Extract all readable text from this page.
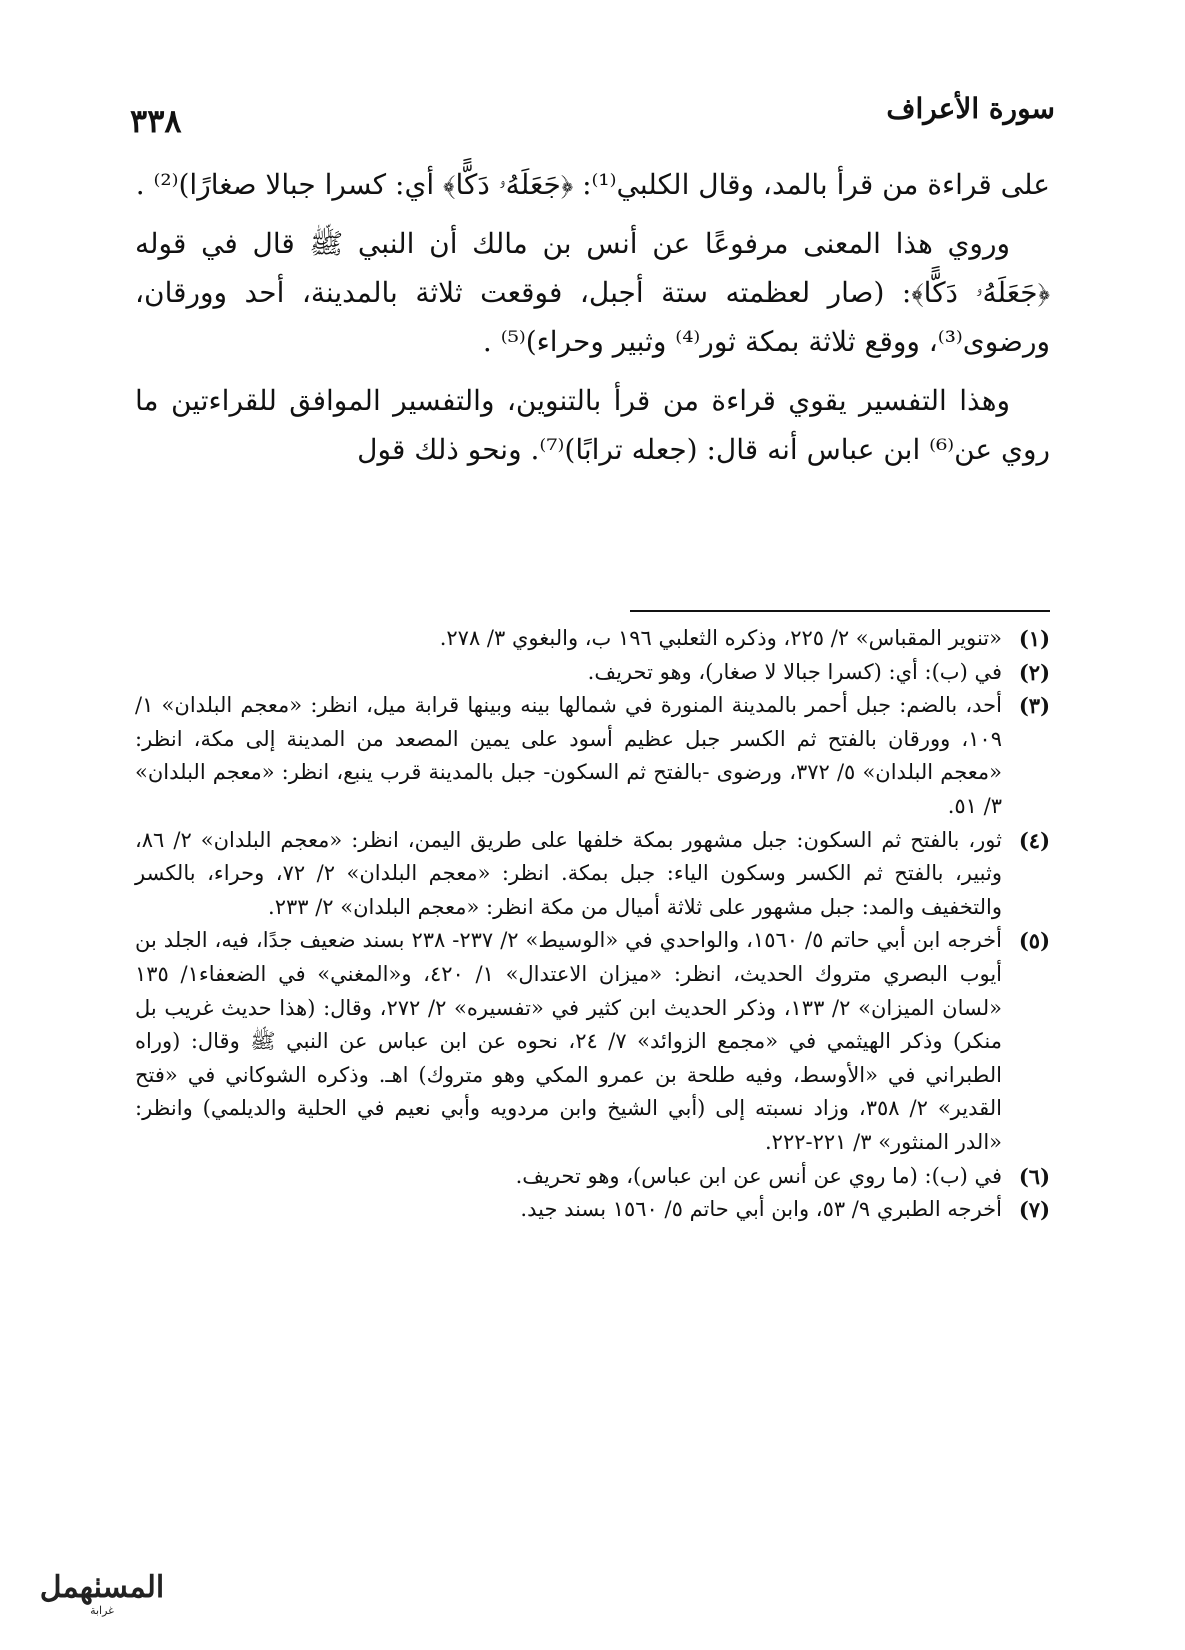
سورة الأعراف
٣٣٨

على قراءة من قرأ بالمد، وقال الكلبي⁽¹⁾: ﴿جَعَلَهُۥ دَكًّا﴾ أي: كسرا جبالا صغارًا)⁽²⁾ .

وروي هذا المعنى مرفوعًا عن أنس بن مالك أن النبي ﷺ قال في قوله ﴿جَعَلَهُۥ دَكًّا﴾: (صار لعظمته ستة أجبل، فوقعت ثلاثة بالمدينة، أحد وورقان، ورضوى⁽³⁾، ووقع ثلاثة بمكة ثور⁽⁴⁾ وثبير وحراء)⁽⁵⁾ .

وهذا التفسير يقوي قراءة من قرأ بالتنوين، والتفسير الموافق للقراءتين ما روي عن⁽⁶⁾ ابن عباس أنه قال: (جعله ترابًا)⁽⁷⁾. ونحو ذلك قول

(١)
«تنوير المقباس» ٢/ ٢٢٥، وذكره الثعلبي ١٩٦ ب، والبغوي ٣/ ٢٧٨.
(٢)
في (ب): أي: (كسرا جبالا لا صغار)، وهو تحريف.
(٣)
أحد، بالضم: جبل أحمر بالمدينة المنورة في شمالها بينه وبينها قرابة ميل، انظر: «معجم البلدان» ١/ ١٠٩، وورقان بالفتح ثم الكسر جبل عظيم أسود على يمين المصعد من المدينة إلى مكة، انظر: «معجم البلدان» ٥/ ٣٧٢، ورضوى -بالفتح ثم السكون- جبل بالمدينة قرب ينبع، انظر: «معجم البلدان» ٣/ ٥١.
(٤)
ثور، بالفتح ثم السكون: جبل مشهور بمكة خلفها على طريق اليمن، انظر: «معجم البلدان» ٢/ ٨٦، وثبير، بالفتح ثم الكسر وسكون الياء: جبل بمكة. انظر: «معجم البلدان» ٢/ ٧٢، وحراء، بالكسر والتخفيف والمد: جبل مشهور على ثلاثة أميال من مكة انظر: «معجم البلدان» ٢/ ٢٣٣.
(٥)
أخرجه ابن أبي حاتم ٥/ ١٥٦٠، والواحدي في «الوسيط» ٢/ ٢٣٧- ٢٣٨ بسند ضعيف جدًا، فيه، الجلد بن أيوب البصري متروك الحديث، انظر: «ميزان الاعتدال» ١/ ٤٢٠، و«المغني» في الضعفاء١/ ١٣٥ «لسان الميزان» ٢/ ١٣٣، وذكر الحديث ابن كثير في «تفسيره» ٢/ ٢٧٢، وقال: (هذا حديث غريب بل منكر) وذكر الهيثمي في «مجمع الزوائد» ٧/ ٢٤، نحوه عن ابن عباس عن النبي ﷺ وقال: (وراه الطبراني في «الأوسط، وفيه طلحة بن عمرو المكي وهو متروك) اهـ. وذكره الشوكاني في «فتح القدير» ٢/ ٣٥٨، وزاد نسبته إلى (أبي الشيخ وابن مردويه وأبي نعيم في الحلية والديلمي) وانظر: «الدر المنثور» ٣/ ٢٢١-٢٢٢.
(٦)
في (ب): (ما روي عن أنس عن ابن عباس)، وهو تحريف.
(٧)
أخرجه الطبري ٩/ ٥٣، وابن أبي حاتم ٥/ ١٥٦٠ بسند جيد.
المسٺهمل
غرابة
